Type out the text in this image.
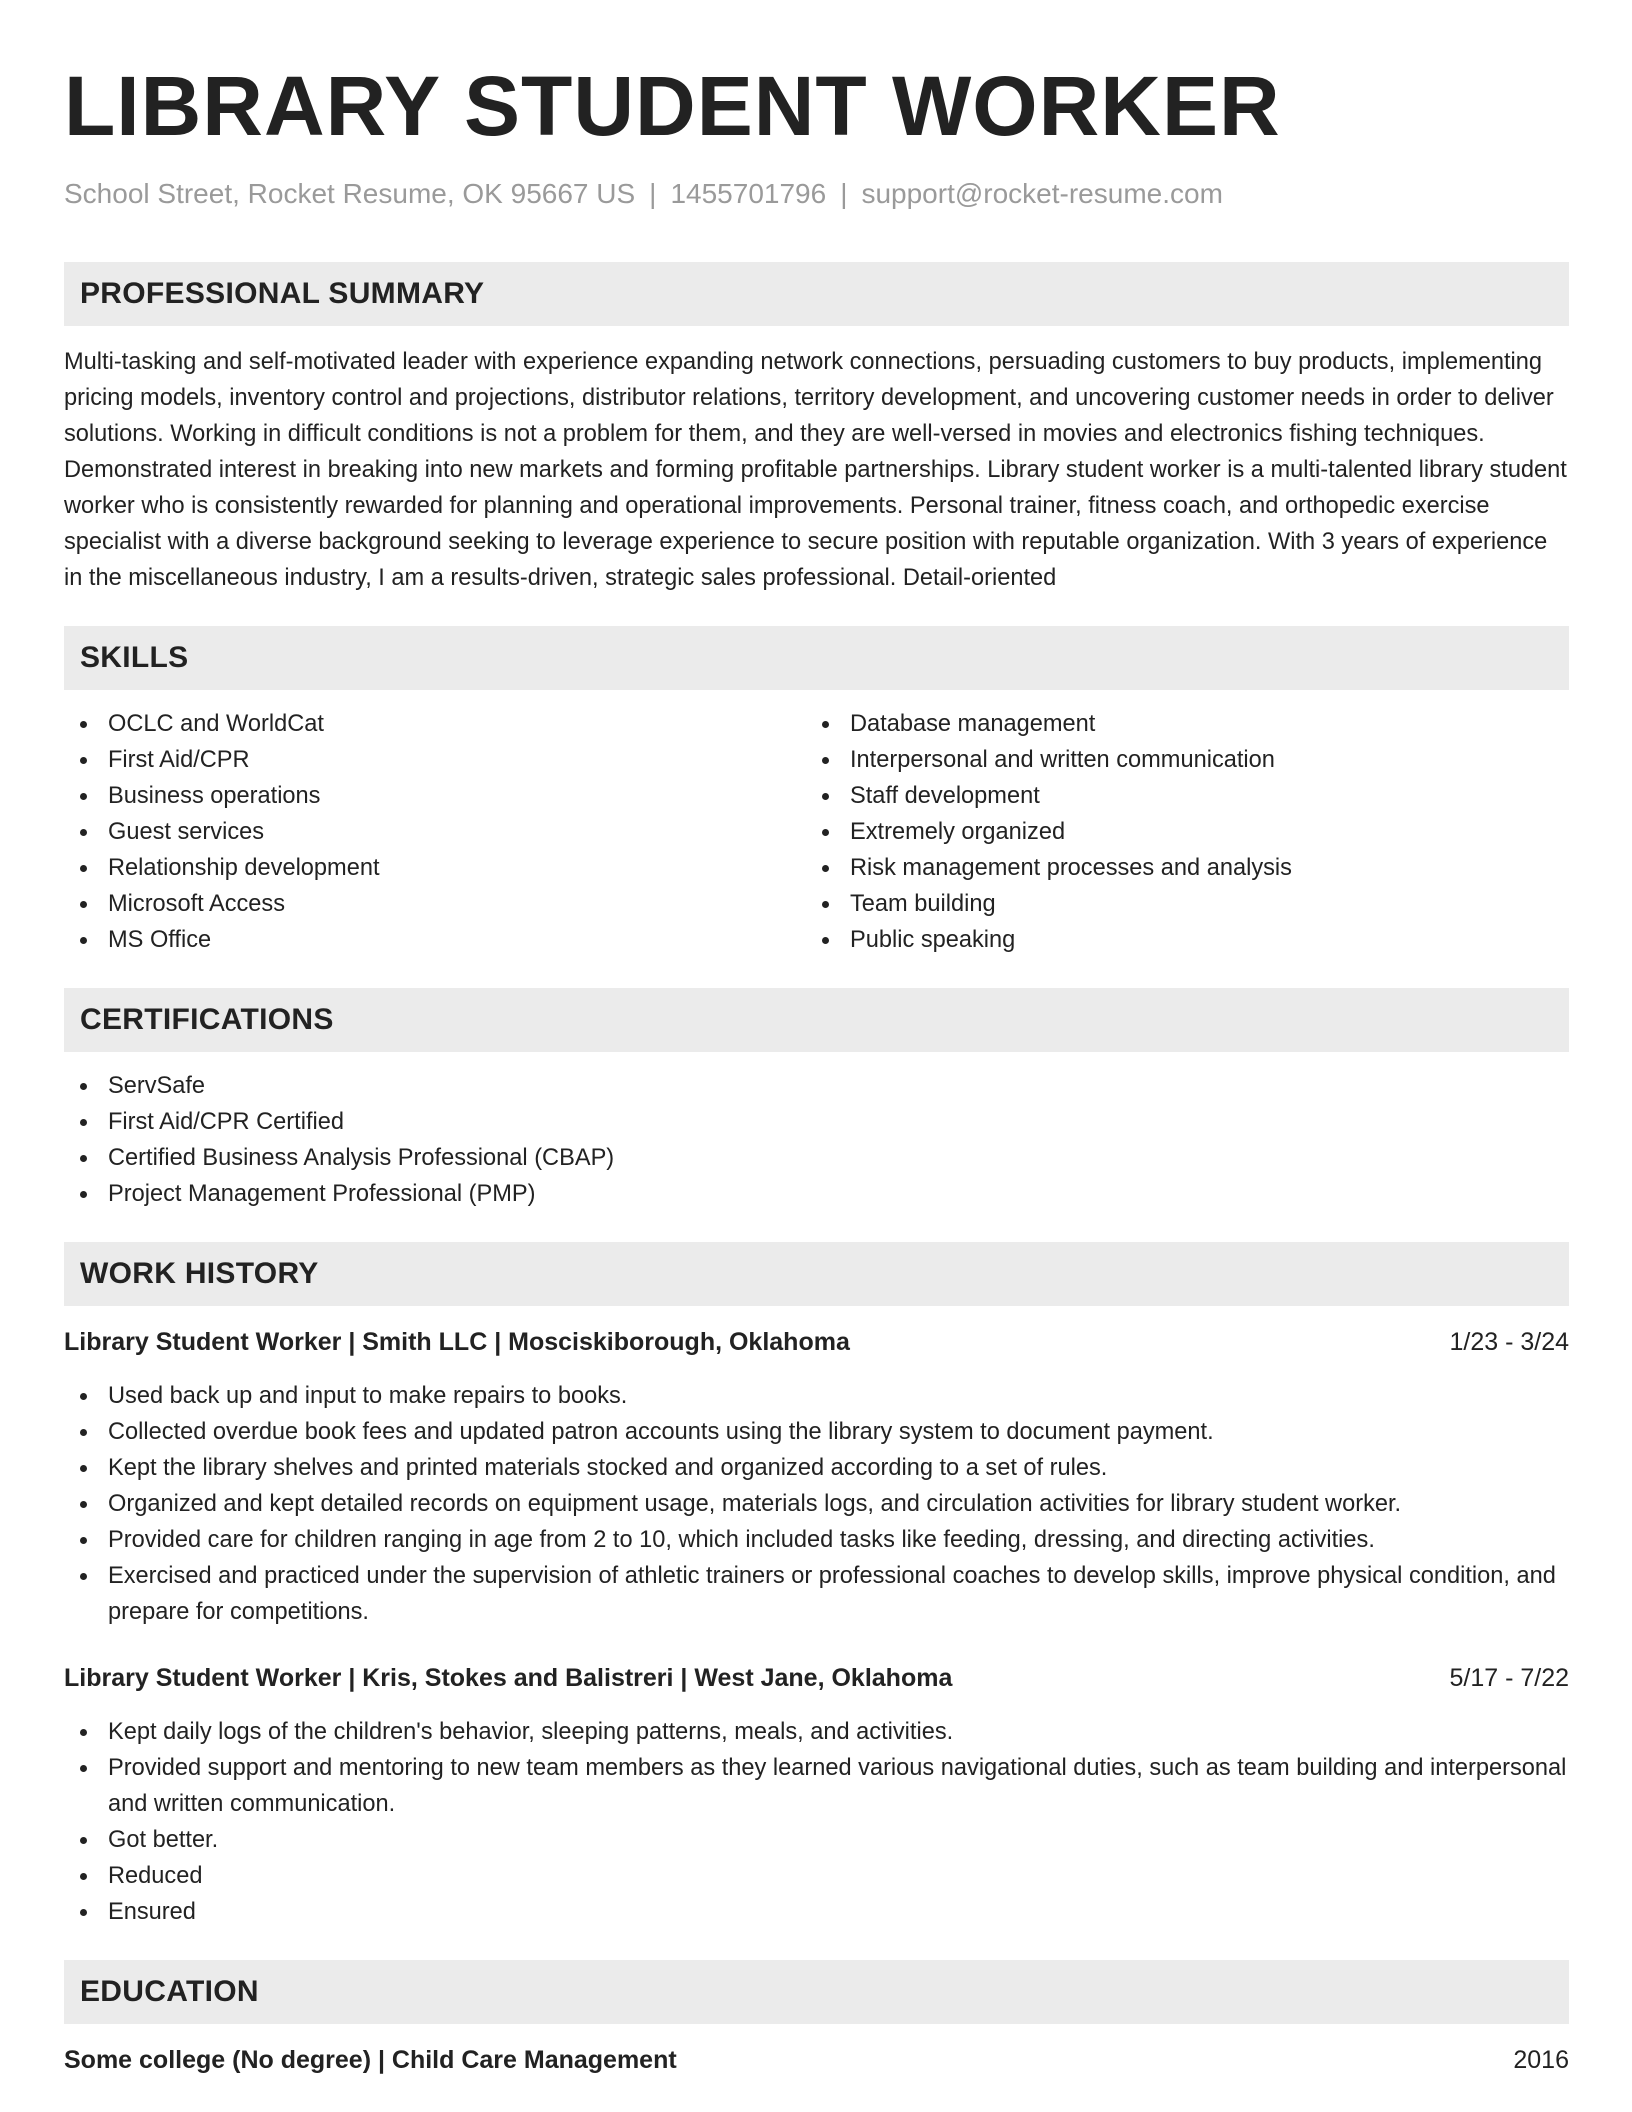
LIBRARY STUDENT WORKER
School Street, Rocket Resume, OK 95667 US | 1455701796 | support@rocket-resume.com
PROFESSIONAL SUMMARY

Multi-tasking and self-motivated leader with experience expanding network connections, persuading customers to buy products, implementing pricing models, inventory control and projections, distributor relations, territory development, and uncovering customer needs in order to deliver solutions. Working in difficult conditions is not a problem for them, and they are well-versed in movies and electronics fishing techniques. Demonstrated interest in breaking into new markets and forming profitable partnerships. Library student worker is a multi-talented library student worker who is consistently rewarded for planning and operational improvements. Personal trainer, fitness coach, and orthopedic exercise specialist with a diverse background seeking to leverage experience to secure position with reputable organization. With 3 years of experience in the miscellaneous industry, I am a results-driven, strategic sales professional. Detail-oriented

SKILLS
OCLC and WorldCat
First Aid/CPR
Business operations
Guest services
Relationship development
Microsoft Access
MS Office
Database management
Interpersonal and written communication
Staff development
Extremely organized
Risk management processes and analysis
Team building
Public speaking
CERTIFICATIONS
ServSafe
First Aid/CPR Certified
Certified Business Analysis Professional (CBAP)
Project Management Professional (PMP)
WORK HISTORY
Library Student Worker | Smith LLC | Mosciskiborough, Oklahoma	1/23 - 3/24
Used back up and input to make repairs to books.
Collected overdue book fees and updated patron accounts using the library system to document payment.
Kept the library shelves and printed materials stocked and organized according to a set of rules.
Organized and kept detailed records on equipment usage, materials logs, and circulation activities for library student worker.
Provided care for children ranging in age from 2 to 10, which included tasks like feeding, dressing, and directing activities.
Exercised and practiced under the supervision of athletic trainers or professional coaches to develop skills, improve physical condition, and prepare for competitions.
Library Student Worker | Kris, Stokes and Balistreri | West Jane, Oklahoma	5/17 - 7/22
Kept daily logs of the children's behavior, sleeping patterns, meals, and activities.
Provided support and mentoring to new team members as they learned various navigational duties, such as team building and interpersonal and written communication.
Got better.
Reduced
Ensured
EDUCATION
Some college (No degree) | Child Care Management	2016
